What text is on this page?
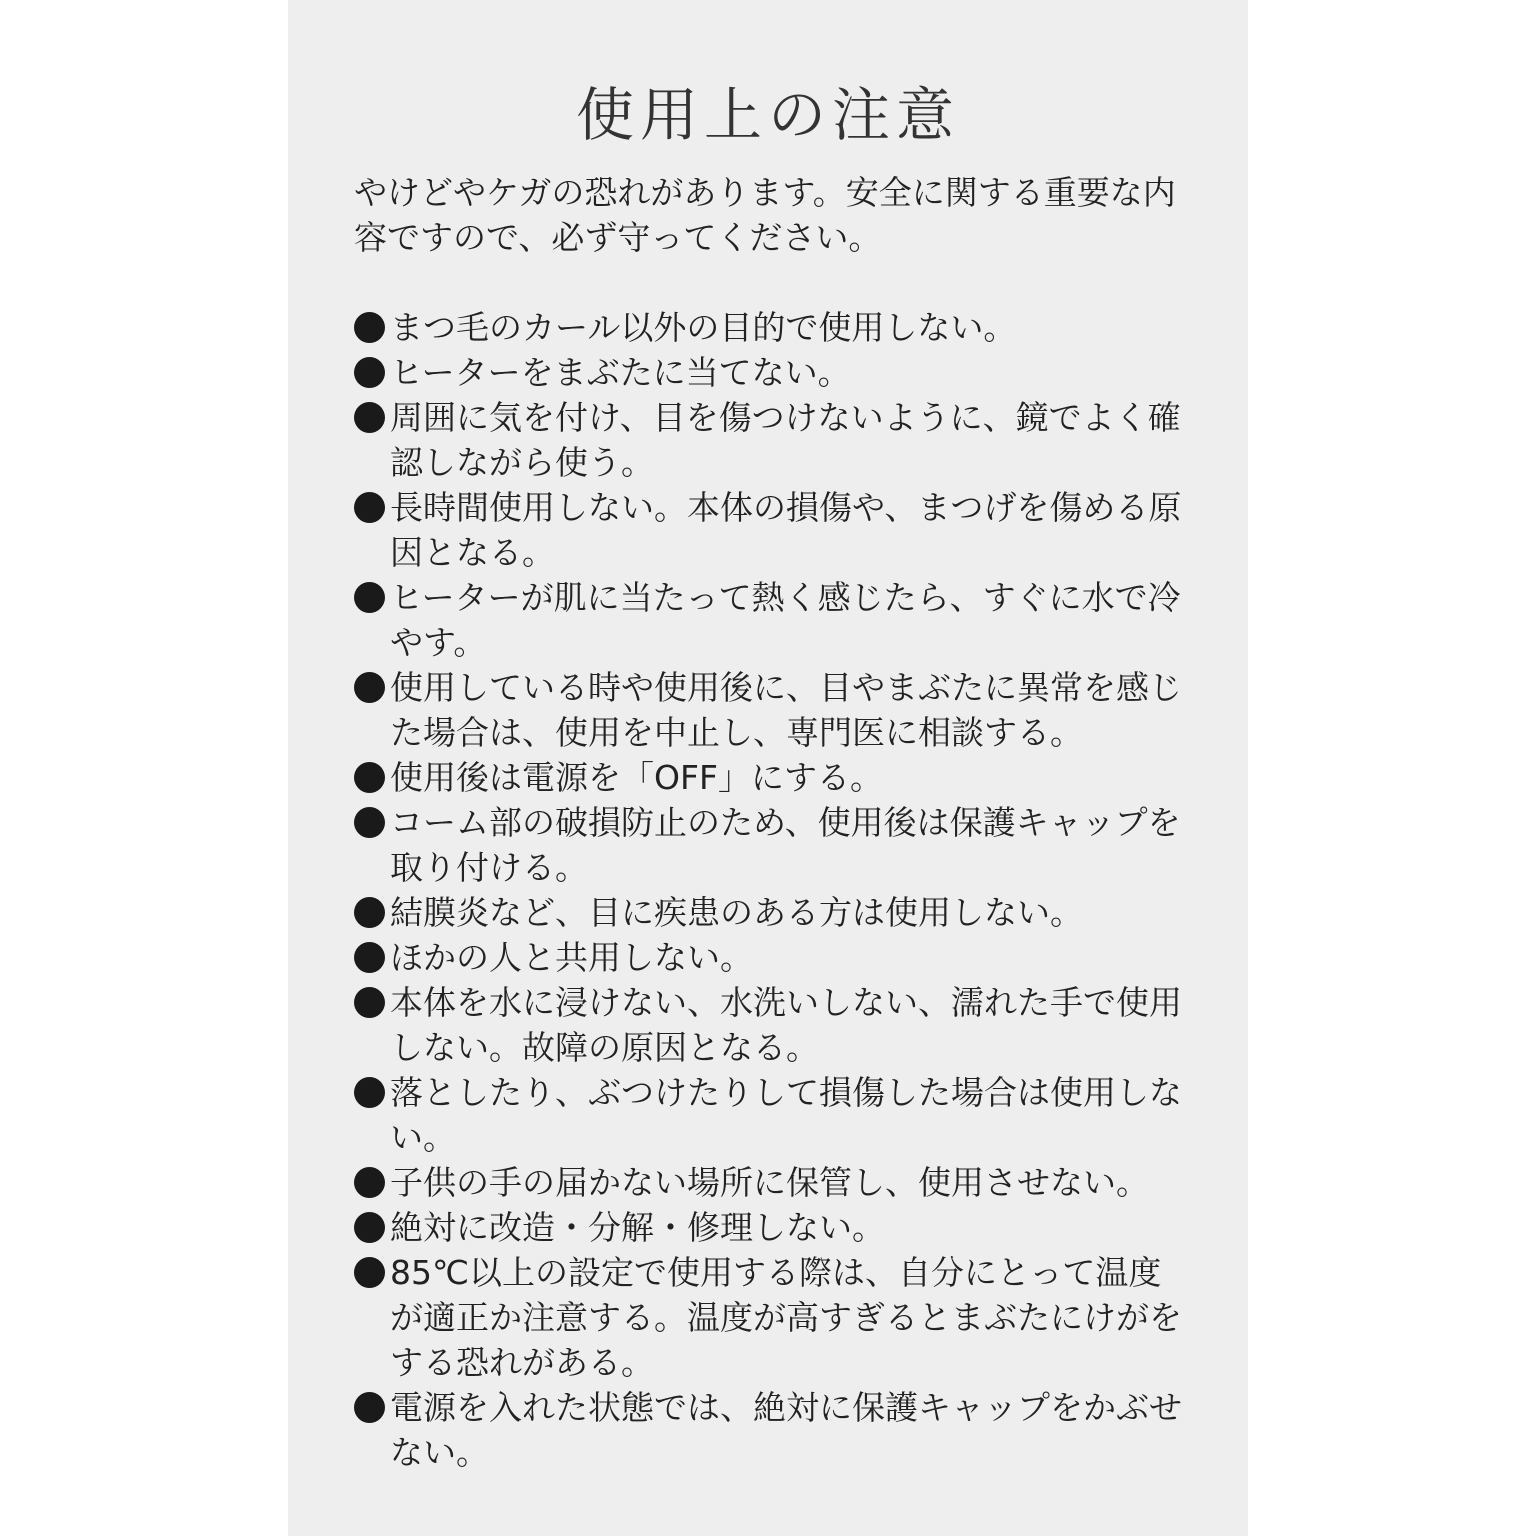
使用上の注意

やけどやケガの恐れがあります。安全に関する重要な内容ですので、必ず守ってください。

まつ毛のカール以外の目的で使用しない。
ヒーターをまぶたに当てない。
周囲に気を付け、目を傷つけないように、鏡でよく確認しながら使う。
長時間使用しない。本体の損傷や、まつげを傷める原因となる。
ヒーターが肌に当たって熱く感じたら、すぐに水で冷やす。
使用している時や使用後に、目やまぶたに異常を感じた場合は、使用を中止し、専門医に相談する。
使用後は電源を「OFF」にする。
コーム部の破損防止のため、使用後は保護キャップを取り付ける。
結膜炎など、目に疾患のある方は使用しない。
ほかの人と共用しない。
本体を水に浸けない、水洗いしない、濡れた手で使用しない。故障の原因となる。
落としたり、ぶつけたりして損傷した場合は使用しない。
子供の手の届かない場所に保管し、使用させない。
絶対に改造・分解・修理しない。
85℃以上の設定で使用する際は、自分にとって温度が適正か注意する。温度が高すぎるとまぶたにけがをする恐れがある。
電源を入れた状態では、絶対に保護キャップをかぶせない。
